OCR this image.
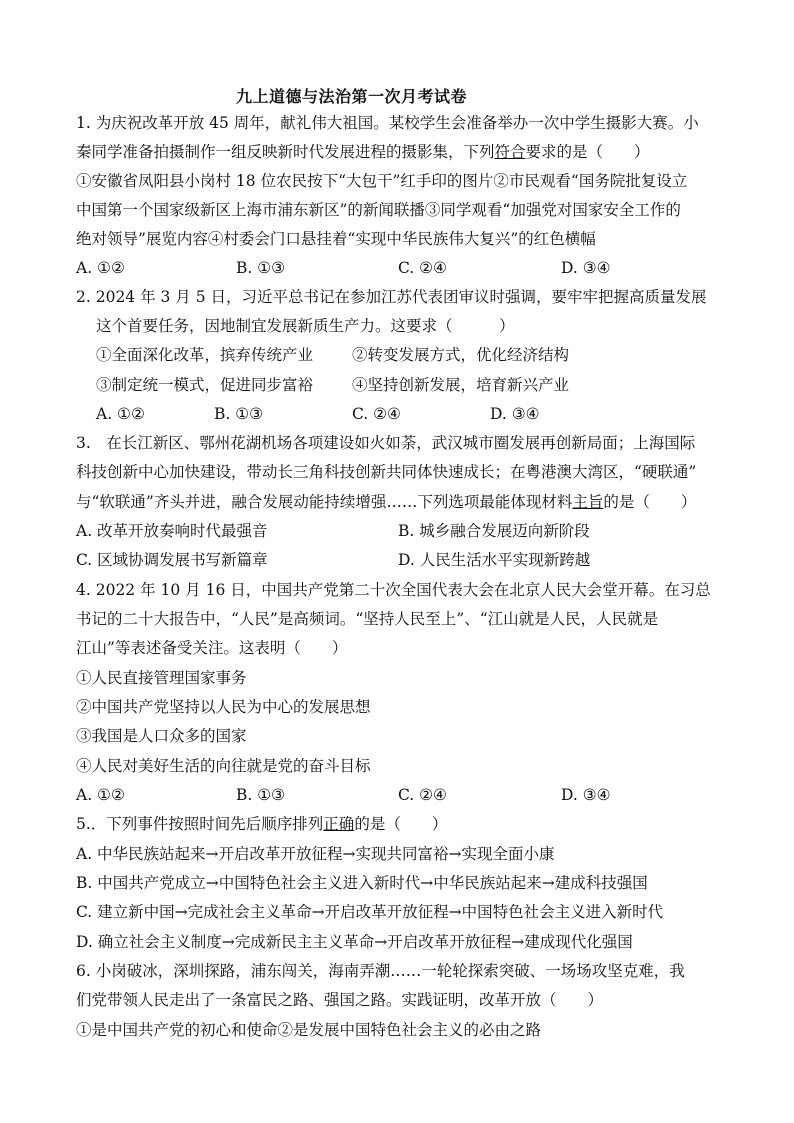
九上道德与法治第一次月考试卷
1. 为庆祝改革开放 45 周年，献礼伟大祖国。某校学生会准备举办一次中学生摄影大赛。小
秦同学准备拍摄制作一组反映新时代发展进程的摄影集，下列符合要求的是（　　）
①安徽省凤阳县小岗村 18 位农民按下“大包干”红手印的图片②市民观看“国务院批复设立
中国第一个国家级新区上海市浦东新区”的新闻联播③同学观看“加强党对国家安全工作的
绝对领导”展览内容④村委会门口悬挂着“实现中华民族伟大复兴”的红色横幅
A. ①②	B. ①③	C. ②④	D. ③④
2. 2024 年 3 月 5 日，习近平总书记在参加江苏代表团审议时强调，要牢牢把握高质量发展
这个首要任务，因地制宜发展新质生产力。这要求（　　　）
①全面深化改革，摈弃传统产业	②转变发展方式，优化经济结构
③制定统一模式，促进同步富裕	④坚持创新发展，培育新兴产业
A. ①②	B. ①③	C. ②④	D. ③④
3.　在长江新区、鄂州花湖机场各项建设如火如荼，武汉城市圈发展再创新局面；上海国际
科技创新中心加快建设，带动长三角科技创新共同体快速成长；在粤港澳大湾区，“硬联通”
与“软联通”齐头并进，融合发展动能持续增强……下列选项最能体现材料主旨的是（　　）
A. 改革开放奏响时代最强音	B. 城乡融合发展迈向新阶段
C. 区域协调发展书写新篇章	D. 人民生活水平实现新跨越
4. 2022 年 10 月 16 日，中国共产党第二十次全国代表大会在北京人民大会堂开幕。在习总
书记的二十大报告中，“人民”是高频词。“坚持人民至上”、“江山就是人民，人民就是
江山”等表述备受关注。这表明（　　）
①人民直接管理国家事务
②中国共产党坚持以人民为中心的发展思想
③我国是人口众多的国家
④人民对美好生活的向往就是党的奋斗目标
A. ①②	B. ①③	C. ②④	D. ③④
5.．下列事件按照时间先后顺序排列正确的是（　　）
A. 中华民族站起来→开启改革开放征程→实现共同富裕→实现全面小康
B. 中国共产党成立→中国特色社会主义进入新时代→中华民族站起来→建成科技强国
C. 建立新中国→完成社会主义革命→开启改革开放征程→中国特色社会主义进入新时代
D. 确立社会主义制度→完成新民主主义革命→开启改革开放征程→建成现代化强国
6. 小岗破冰，深圳探路，浦东闯关，海南弄潮……一轮轮探索突破、一场场攻坚克难，我
们党带领人民走出了一条富民之路、强国之路。实践证明，改革开放（　　）
①是中国共产党的初心和使命②是发展中国特色社会主义的必由之路
